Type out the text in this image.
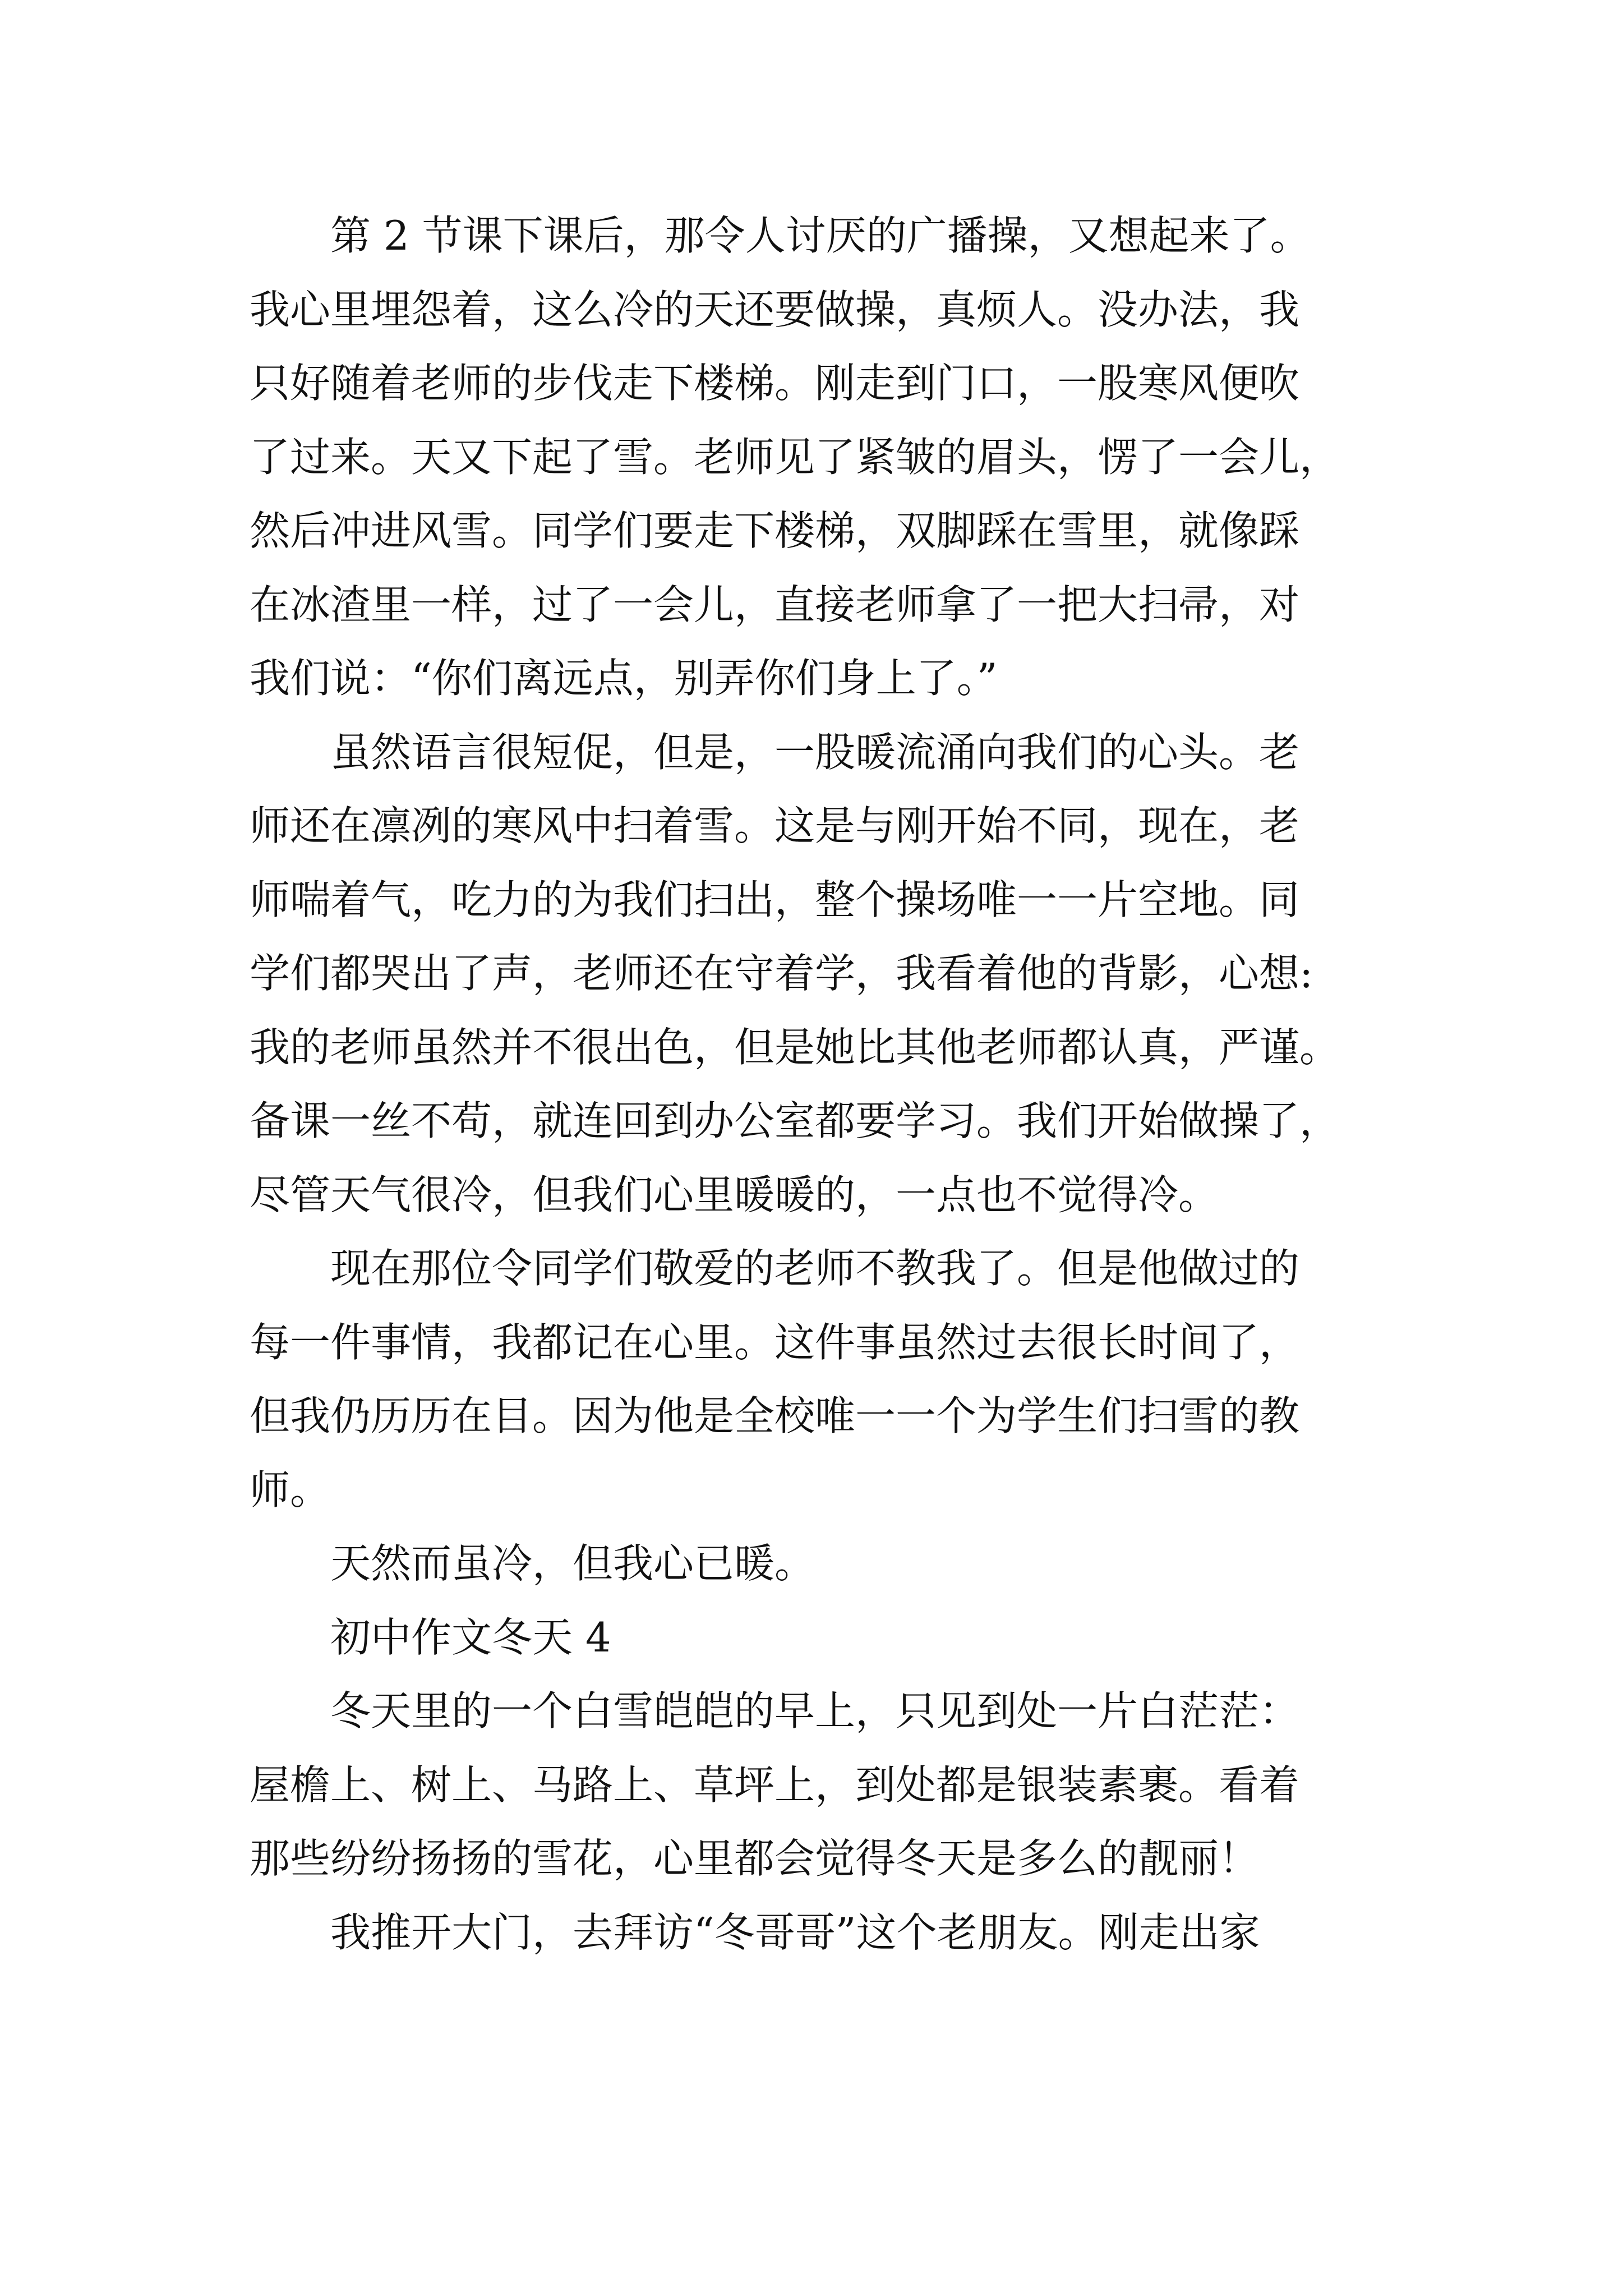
第 2 节课下课后，那令人讨厌的广播操，又想起来了。
我心里埋怨着，这么冷的天还要做操，真烦人。没办法，我
只好随着老师的步伐走下楼梯。刚走到门口，一股寒风便吹
了过来。天又下起了雪。老师见了紧皱的眉头，愣了一会儿，
然后冲进风雪。同学们要走下楼梯，双脚踩在雪里，就像踩
在冰渣里一样，过了一会儿，直接老师拿了一把大扫帚，对
我们说：“你们离远点，别弄你们身上了。”
虽然语言很短促，但是，一股暖流涌向我们的心头。老
师还在凛冽的寒风中扫着雪。这是与刚开始不同，现在，老
师喘着气，吃力的为我们扫出，整个操场唯一一片空地。同
学们都哭出了声，老师还在守着学，我看着他的背影，心想:
我的老师虽然并不很出色，但是她比其他老师都认真，严谨。
备课一丝不苟，就连回到办公室都要学习。我们开始做操了，
尽管天气很冷，但我们心里暖暖的，一点也不觉得冷。
现在那位令同学们敬爱的老师不教我了。但是他做过的
每一件事情，我都记在心里。这件事虽然过去很长时间了，
但我仍历历在目。因为他是全校唯一一个为学生们扫雪的教
师。
天然而虽冷，但我心已暖。
初中作文冬天 4
冬天里的一个白雪皑皑的早上，只见到处一片白茫茫：
屋檐上、树上、马路上、草坪上，到处都是银装素裹。看着
那些纷纷扬扬的雪花，心里都会觉得冬天是多么的靓丽！
我推开大门，去拜访“冬哥哥”这个老朋友。刚走出家
